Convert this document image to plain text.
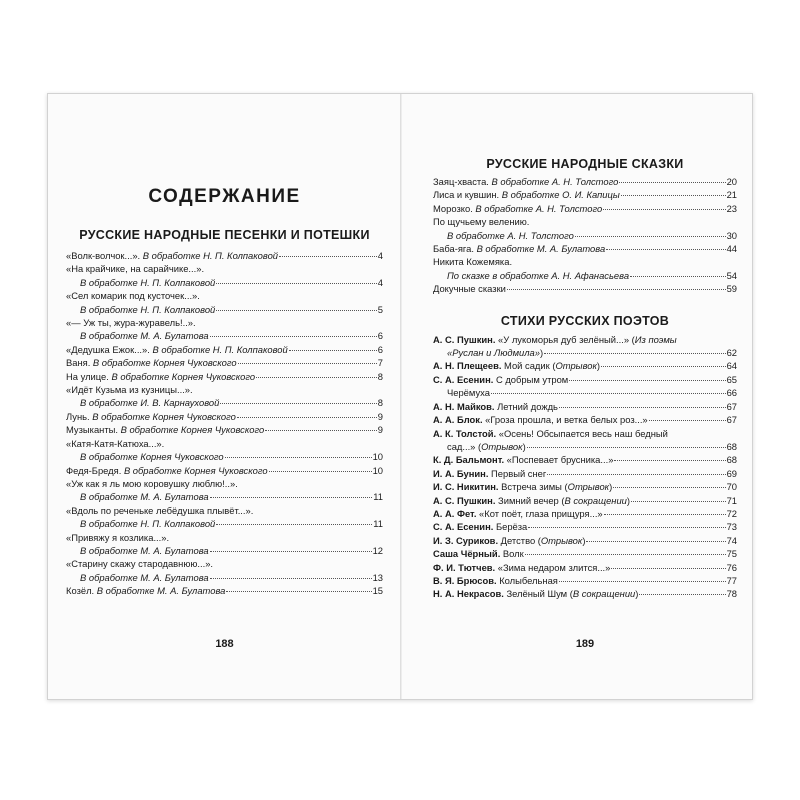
СОДЕРЖАНИЕ
РУССКИЕ НАРОДНЫЕ ПЕСЕНКИ И ПОТЕШКИ
«Волк-волчок...». В обработке Н. П. Колпаковой	4
«На крайчике, на сарайчике...».
В обработке Н. П. Колпаковой	4
«Сел комарик под кусточек...».
В обработке Н. П. Колпаковой	5
«— Уж ты, журa-журавель!..».
В обработке М. А. Булатова	6
«Дедушка Ежок...». В обработке Н. П. Колпаковой	6
Ваня. В обработке Корнея Чуковского	7
На улице. В обработке Корнея Чуковского	8
«Идёт Кузьма из кузницы...».
В обработке И. В. Карнауховой	8
Лунь. В обработке Корнея Чуковского	9
Музыканты. В обработке Корнея Чуковского	9
«Катя-Катя-Катюха...».
В обработке Корнея Чуковского	10
Федя-Бредя. В обработке Корнея Чуковского	10
«Уж как я ль мою коровушку люблю!..».
В обработке М. А. Булатова	11
«Вдоль по реченьке лебёдушка плывёт...».
В обработке Н. П. Колпаковой	11
«Привяжу я козлика...».
В обработке М. А. Булатова	12
«Старину скажу стародавнюю...».
В обработке М. А. Булатова	13
Козёл. В обработке М. А. Булатова	15
188
РУССКИЕ НАРОДНЫЕ СКАЗКИ
Заяц-хваста. В обработке А. Н. Толстого	20
Лиса и кувшин. В обработке О. И. Капицы	21
Морозко. В обработке А. Н. Толстого	23
По щучьему велению.
В обработке А. Н. Толстого	30
Баба-яга. В обработке М. А. Булатова	44
Никита Кожемяка.
По сказке в обработке А. Н. Афанасьева	54
Докучные сказки	59
СТИХИ РУССКИХ ПОЭТОВ
А. С. Пушкин. «У лукоморья дуб зелёный...» (Из поэмы
«Руслан и Людмила»)	62
А. Н. Плещеев. Мой садик (Отрывок)	64
С. А. Есенин. С добрым утром	65
Черёмуха	66
А. Н. Майков. Летний дождь	67
А. А. Блок. «Гроза прошла, и ветка белых роз...»	67
А. К. Толстой. «Осень! Обсыпается весь наш бедный
сад...» (Отрывок)	68
К. Д. Бальмонт. «Поспевает брусника...»	68
И. А. Бунин. Первый снег	69
И. С. Никитин. Встреча зимы (Отрывок)	70
А. С. Пушкин. Зимний вечер (В сокращении)	71
А. А. Фет. «Кот поёт, глаза прищуря...»	72
С. А. Есенин. Берёза	73
И. З. Суриков. Детство (Отрывок)	74
Саша Чёрный. Волк	75
Ф. И. Тютчев. «Зима недаром злится...»	76
В. Я. Брюсов. Колыбельная	77
Н. А. Некрасов. Зелёный Шум (В сокращении)	78
189
